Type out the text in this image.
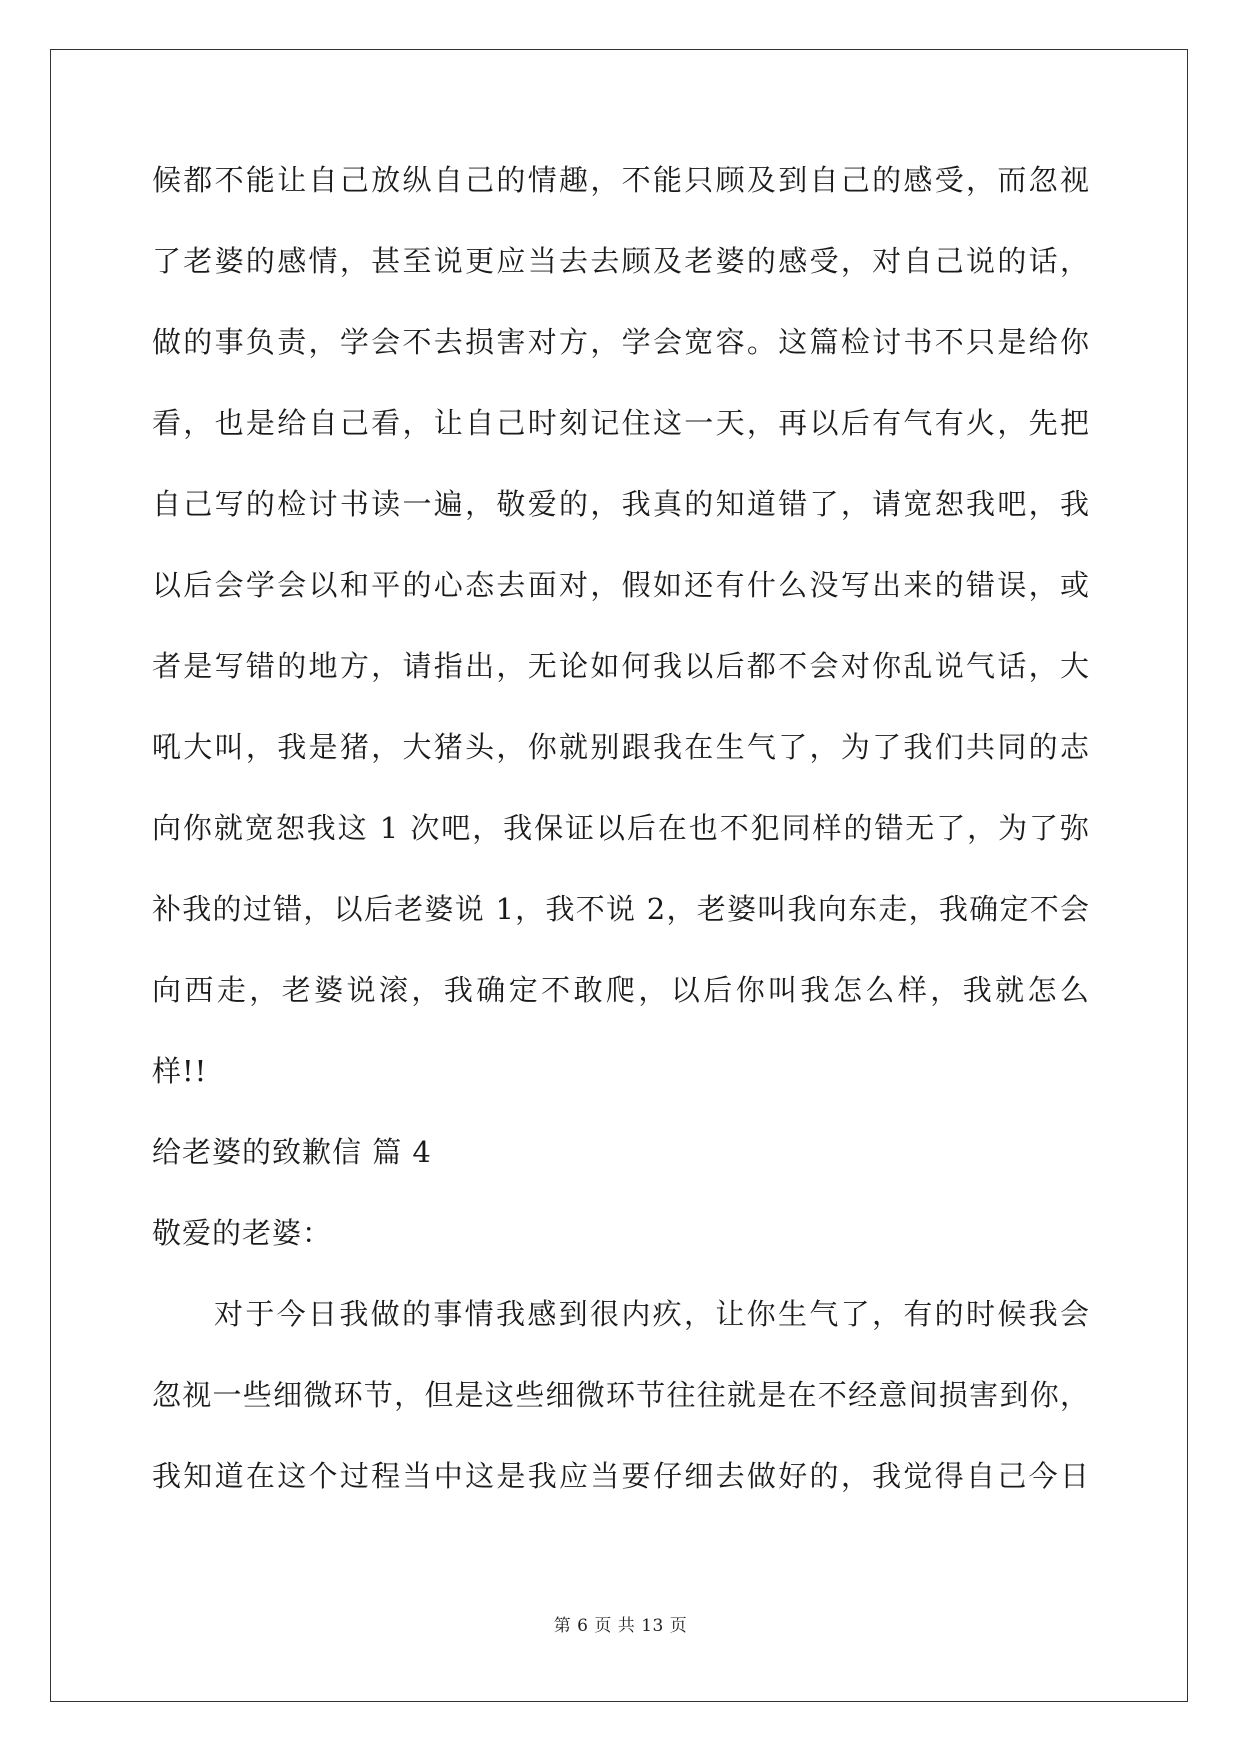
候都不能让自己放纵自己的情趣，不能只顾及到自己的感受，而忽视
了老婆的感情，甚至说更应当去去顾及老婆的感受，对自己说的话，
做的事负责，学会不去损害对方，学会宽容。这篇检讨书不只是给你
看，也是给自己看，让自己时刻记住这一天，再以后有气有火，先把
自己写的检讨书读一遍，敬爱的，我真的知道错了，请宽恕我吧，我
以后会学会以和平的心态去面对，假如还有什么没写出来的错误，或
者是写错的地方，请指出，无论如何我以后都不会对你乱说气话，大
吼大叫，我是猪，大猪头，你就别跟我在生气了，为了我们共同的志
向你就宽恕我这 1 次吧，我保证以后在也不犯同样的错无了，为了弥
补我的过错，以后老婆说 1，我不说 2，老婆叫我向东走，我确定不会
向西走，老婆说滚，我确定不敢爬，以后你叫我怎么样，我就怎么
样!!
给老婆的致歉信 篇 4
敬爱的老婆：
对于今日我做的事情我感到很内疚，让你生气了，有的时候我会
忽视一些细微环节，但是这些细微环节往往就是在不经意间损害到你，
我知道在这个过程当中这是我应当要仔细去做好的，我觉得自己今日
第 6 页 共 13 页
